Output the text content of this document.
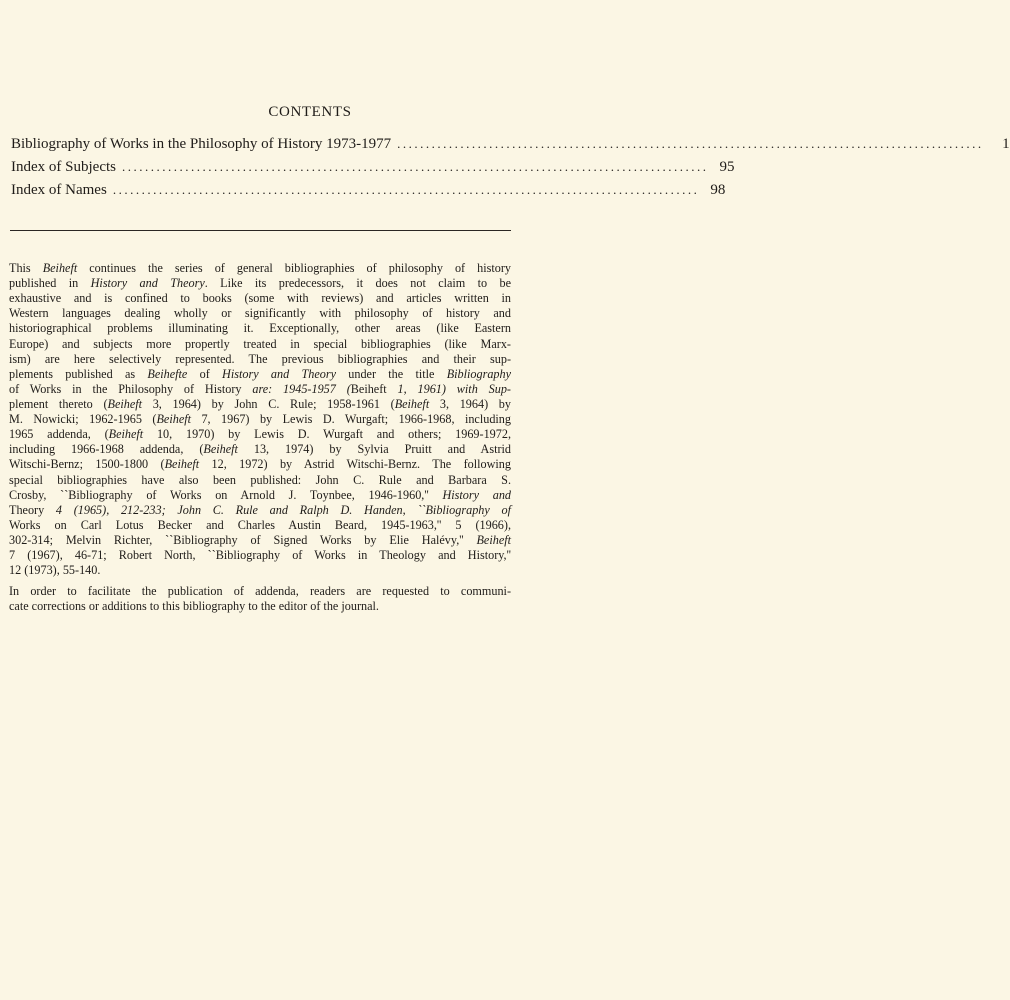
CONTENTS
Bibliography of Works in the Philosophy of History 1973-1977 ......................................................................................................	1
Index of Subjects ...................................................................................................... 95
Index of Names ...................................................................................................... 98
This Beiheft continues the series of general bibliographies of philosophy of history
published in History and Theory. Like its predecessors, it does not claim to be
exhaustive and is confined to books (some with reviews) and articles written in
Western languages dealing wholly or significantly with philosophy of history and
historiographical problems illuminating it. Exceptionally, other areas (like Eastern
Europe) and subjects more propertly treated in special bibliographies (like Marx-
ism) are here selectively represented. The previous bibliographies and their sup-
plements published as Beihefte of History and Theory under the title Bibliography
of Works in the Philosophy of History are: 1945-1957 (Beiheft 1, 1961) with Sup-
plement thereto (Beiheft 3, 1964) by John C. Rule; 1958-1961 (Beiheft 3, 1964) by
M. Nowicki; 1962-1965 (Beiheft 7, 1967) by Lewis D. Wurgaft; 1966-1968, including
1965 addenda, (Beiheft 10, 1970) by Lewis D. Wurgaft and others; 1969-1972,
including 1966-1968 addenda, (Beiheft 13, 1974) by Sylvia Pruitt and Astrid
Witschi-Bernz; 1500-1800 (Beiheft 12, 1972) by Astrid Witschi-Bernz. The following
special bibliographies have also been published: John C. Rule and Barbara S.
Crosby, ``Bibliography of Works on Arnold J. Toynbee, 1946-1960,'' History and
Theory 4 (1965), 212-233; John C. Rule and Ralph D. Handen, ``Bibliography of
Works on Carl Lotus Becker and Charles Austin Beard, 1945-1963,'' 5 (1966),
302-314; Melvin Richter, ``Bibliography of Signed Works by Elie Halévy,'' Beiheft
7 (1967), 46-71; Robert North, ``Bibliography of Works in Theology and History,''
12 (1973), 55-140.
In order to facilitate the publication of addenda, readers are requested to communi-
cate corrections or additions to this bibliography to the editor of the journal.
